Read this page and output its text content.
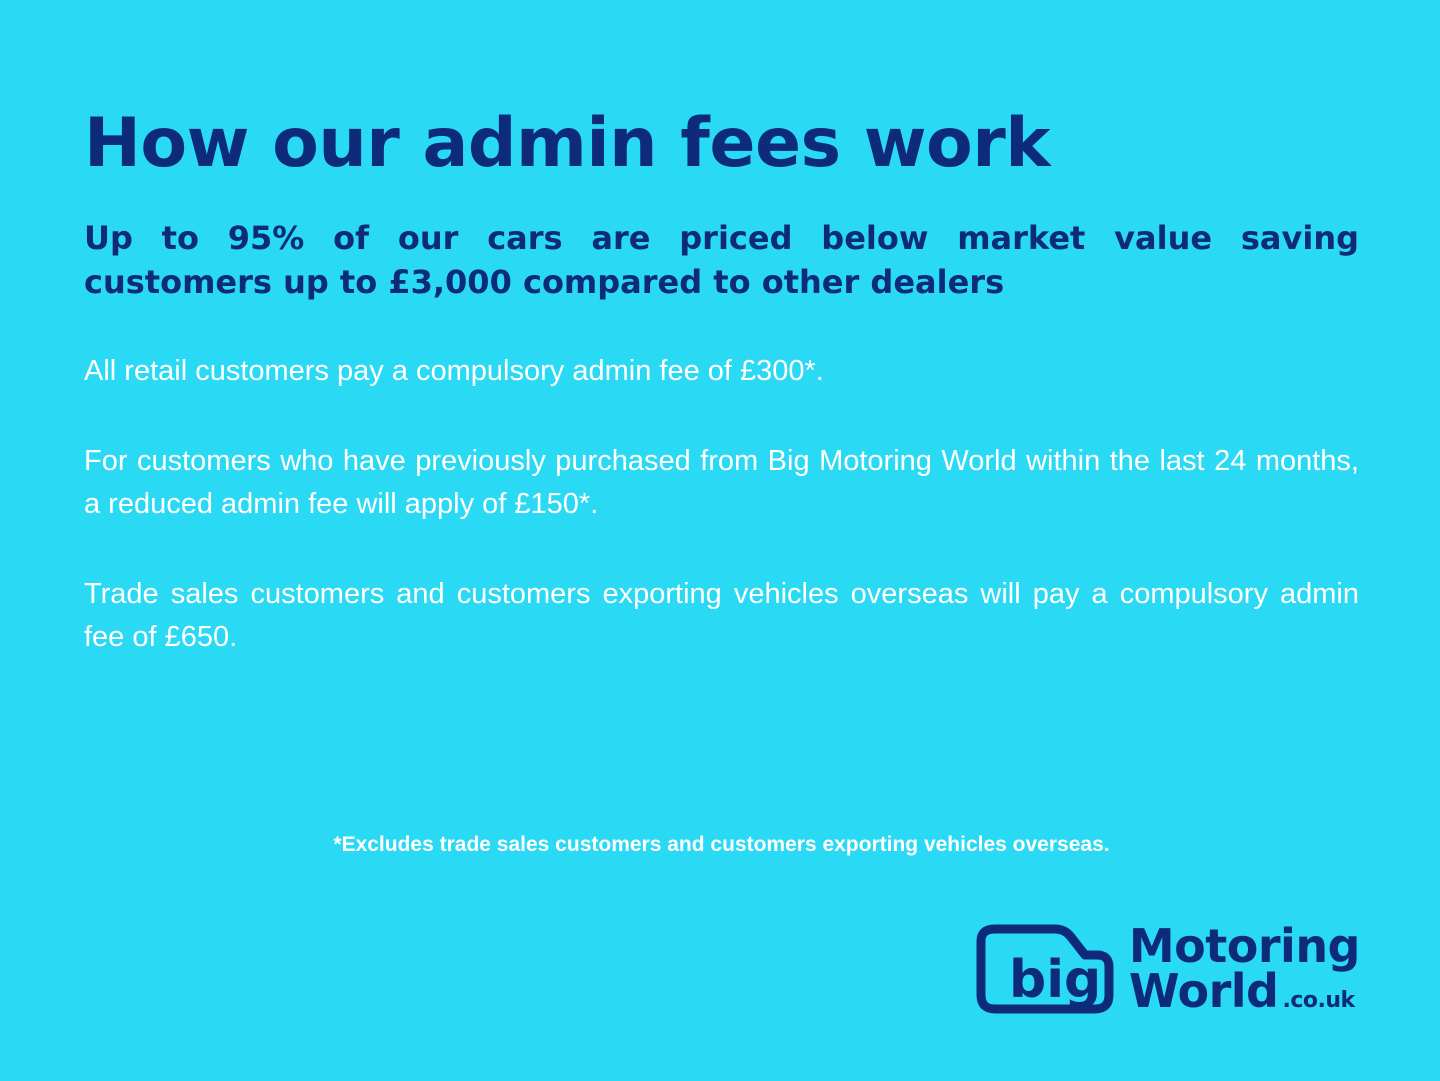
How our admin fees work

Up to 95% of our cars are priced below market value saving customers up to £3,000 compared to other dealers

All retail customers pay a compulsory admin fee of £300*.

For customers who have previously purchased from Big Motoring World within the last 24 months, a reduced admin fee will apply of £150*.

Trade sales customers and customers exporting vehicles overseas will pay a compulsory admin fee of £650.

*Excludes trade sales customers and customers exporting vehicles overseas.
big
Motoring
World .co.uk
